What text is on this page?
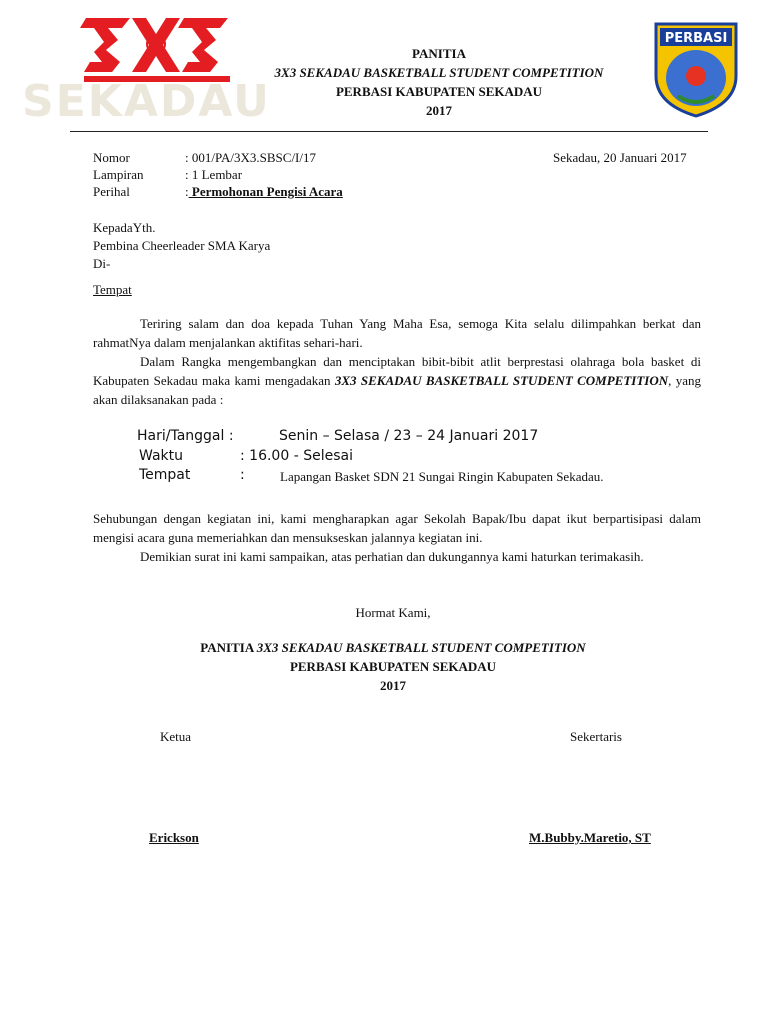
SEKADAU
PERBASI
PANITIA
3X3 SEKADAU BASKETBALL STUDENT COMPETITION
PERBASI KABUPATEN SEKADAU
2017
Nomor	: 001/PA/3X3.SBSC/I/17	Sekadau, 20 Januari 2017
Lampiran	: 1 Lembar
Perihal	: Permohonan Pengisi Acara
KepadaYth.
Pembina Cheerleader SMA Karya
Di-
Tempat
Teriring salam dan doa kepada Tuhan Yang Maha Esa, semoga Kita selalu dilimpahkan berkat dan rahmatNya dalam menjalankan aktifitas sehari-hari.
Dalam Rangka mengembangkan dan menciptakan bibit-bibit atlit berprestasi olahraga bola basket di Kabupaten Sekadau maka kami mengadakan 3X3 SEKADAU BASKETBALL STUDENT COMPETITION, yang akan dilaksanakan pada :
Hari/Tanggal :	Senin – Selasa / 23 – 24 Januari 2017
Waktu	: 16.00 - Selesai
Tempat	:	Lapangan Basket SDN 21 Sungai Ringin Kabupaten Sekadau.
Sehubungan dengan kegiatan ini, kami mengharapkan agar Sekolah Bapak/Ibu dapat ikut berpartisipasi dalam mengisi acara guna memeriahkan dan mensukseskan jalannya kegiatan ini.
Demikian surat ini kami sampaikan, atas perhatian dan dukungannya kami haturkan terimakasih.
Hormat Kami,
PANITIA 3X3 SEKADAU BASKETBALL STUDENT COMPETITION
PERBASI KABUPATEN SEKADAU
2017
Ketua	Sekertaris
Erickson	M.Bubby.Maretio, ST
